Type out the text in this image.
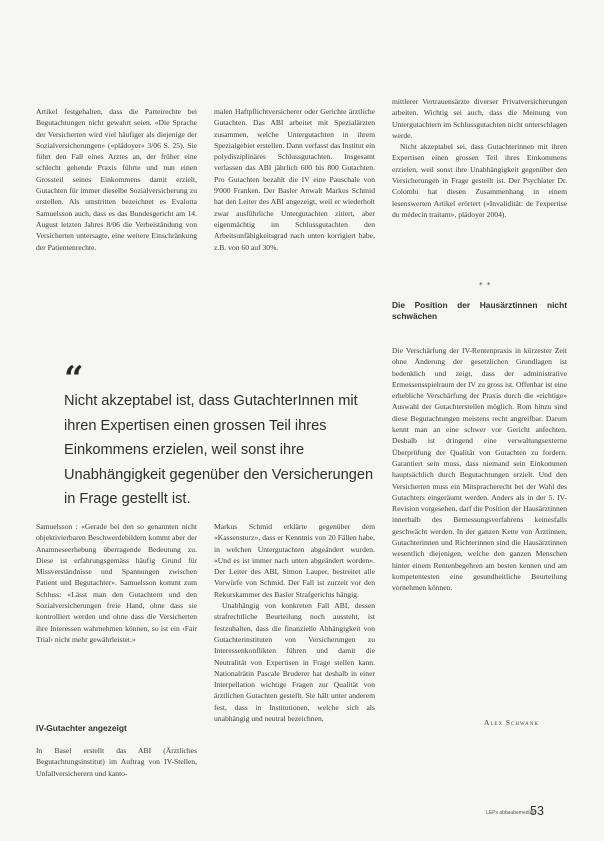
Artikel festgehalten, dass die Parteirechte bei Begutachtungen nicht gewahrt seien. «Die Sprache der Versicherten wird viel häufiger als diejenige der Sozialversicherungen» («plädoyer» 3/06 S. 25). Sie führt den Fall eines Arztes an, der früher eine schlecht gehende Praxis führte und nun einen Grossteil seines Einkommens damit erzielt, Gutachten für immer dieselbe Sozialversicherung zu erstellen. Als umstritten bezeichnet es Evalotta Samuelsson auch, dass es das Bundesgericht am 14. August letzten Jahres 8/06 die Verbeiständung von Versicherten untersagte, eine weitere Einschränkung der Patientenrechte.

malen Haftpflichtversicherer oder Gerichte ärztliche Gutachten. Das ABI arbeitet mit Spezialärzten zusammen, welche Untergutachten in ihrem Spezialgebiet erstellen. Dann verfasst das Institut ein polydisziplinäres Schlussgutachten. Insgesamt verlassen das ABI jährlich 600 bis 800 Gutachten. Pro Gutachten bezahlt die IV eine Pauschale von 9'000 Franken. Der Basler Anwalt Markus Schmid hat den Leiter des ABI angezeigt, weil er wiederholt zwar ausführliche Untergutachten zitiert, aber eigenmächtig im Schlussgutachten den Arbeitsunfähigkeitsgrad nach unten korrigiert habe, z.B. von 60 auf 30%.

mittlerer Vertrauensärzte diverser Privatversicherungen arbeiten. Wichtig sei auch, dass die Meinung von Untergutachtern im Schlussgutachten nicht unterschlagen werde.

Nicht akzeptabel sei, dass Gutachterinnen mit ihren Expertisen einen grossen Teil ihres Einkommens erzielen, weil sonst ihre Unabhängigkeit gegenüber den Versicherungen in Frage gestellt ist. Der Psychiater Dr. Colombi hat diesen Zusammenhang in einem lesenswerten Artikel erörtert («Invalidität: de l'expertise du médecin traitant», plädoyer 2004).

* *
Die Position der Hausärztinnen nicht schwächen

Die Verschärfung der IV-Rentenpraxis in kürzester Zeit ohne Änderung der gesetzlichen Grundlagen ist bedenklich und zeigt, dass der administrative Ermessensspielraum der IV zu gross ist. Offenbar ist eine erhebliche Verschärfung der Praxis durch die «richtige» Auswahl der Gutachterstellen möglich. Rom hinzu sind diese Begutachtungen meistens recht angreifbar. Darum kennt man an eine schwer vor Gericht anfechten. Deshalb ist dringend eine verwaltungsexterne Überprüfung der Qualität von Gutachten zu fordern. Garantiert sein muss, dass niemand sein Einkommen hauptsächlich durch Begutachtungen erzielt. Und den Versicherten muss ein Mitspracherecht bei der Wahl des Gutachters eingeräumt werden. Anders als in der 5. IV-Revision vorgesehen, darf die Position der Hausärztinnen innerhalb des Bemessungsverfahrens keinesfalls geschwächt werden. In der ganzen Kette von Ärztinnen, Gutachterinnen und Richterinnen sind die Hausärztinnen wesentlich diejenigen, welche den ganzen Menschen hinter einem Rentenbegehren am besten kennen und am kompetentesten eine gesundheitliche Beurteilung vornehmen können.

Alex Schwank
“
Nicht akzeptabel ist, dass GutachterInnen mit ihren Expertisen einen grossen Teil ihres Einkommens erzielen, weil sonst ihre Unabhängigkeit gegenüber den Versicherungen in Frage gestellt ist.

Samuelsson : «Gerade bei den so genannten nicht objektivierbaren Beschwerdebildern kommt aber der Anamneseerhebung überragende Bedeutung zu. Diese ist erfahrungsgemäss häufig Grund für Missverständnisse und Spannungen zwischen Patient und Begutachter». Samuelsson kommt zum Schluss: «Lässt man den Gutachtern und den Sozialversicherungen freie Hand, ohne dass sie kontrolliert werden und ohne dass die Versicherten ihre Interessen wahrnehmen können, so ist ein ‹Fair Trial› nicht mehr gewährleistet.»

IV-Gutachter angezeigt

In Basel erstellt das ABI (Ärztliches Begutachtungsinstitut) im Auftrag von IV-Stellen, Unfallversicherern und kanto-

Markus Schmid erklärte gegenüber dem «Kassensturz», dass er Kenntnis von 20 Fällen habe, in welchen Untergutachten abgeändert wurden. «Und es ist immer nach unten abgeändert worden». Der Leiter des ABI, Simon Lauper, bestreitet alle Vorwürfe von Schmid. Der Fall ist zurzeit vor den Rekurskammer des Basler Strafgerichts hängig.

Unabhängig von konkreten Fall ABI, dessen strafrechtliche Beurteilung noch aussteht, ist festzuhalten, dass die finanzielle Abhängigkeit von Gutachterinstituten von Versicherungen zu Interessenkonflikten führen und damit die Neutralität von Expertisen in Frage stellen kann. Nationalrätin Pascale Bruderer hat deshalb in einer Interpellation wichtige Fragen zur Qualität von ärztlichen Gutachten gestellt. Sie hält unter anderem fest, dass in Institutionen, welche sich als unabhängig und neutral bezeichnen,

LEPs abbaubemedizin
53
